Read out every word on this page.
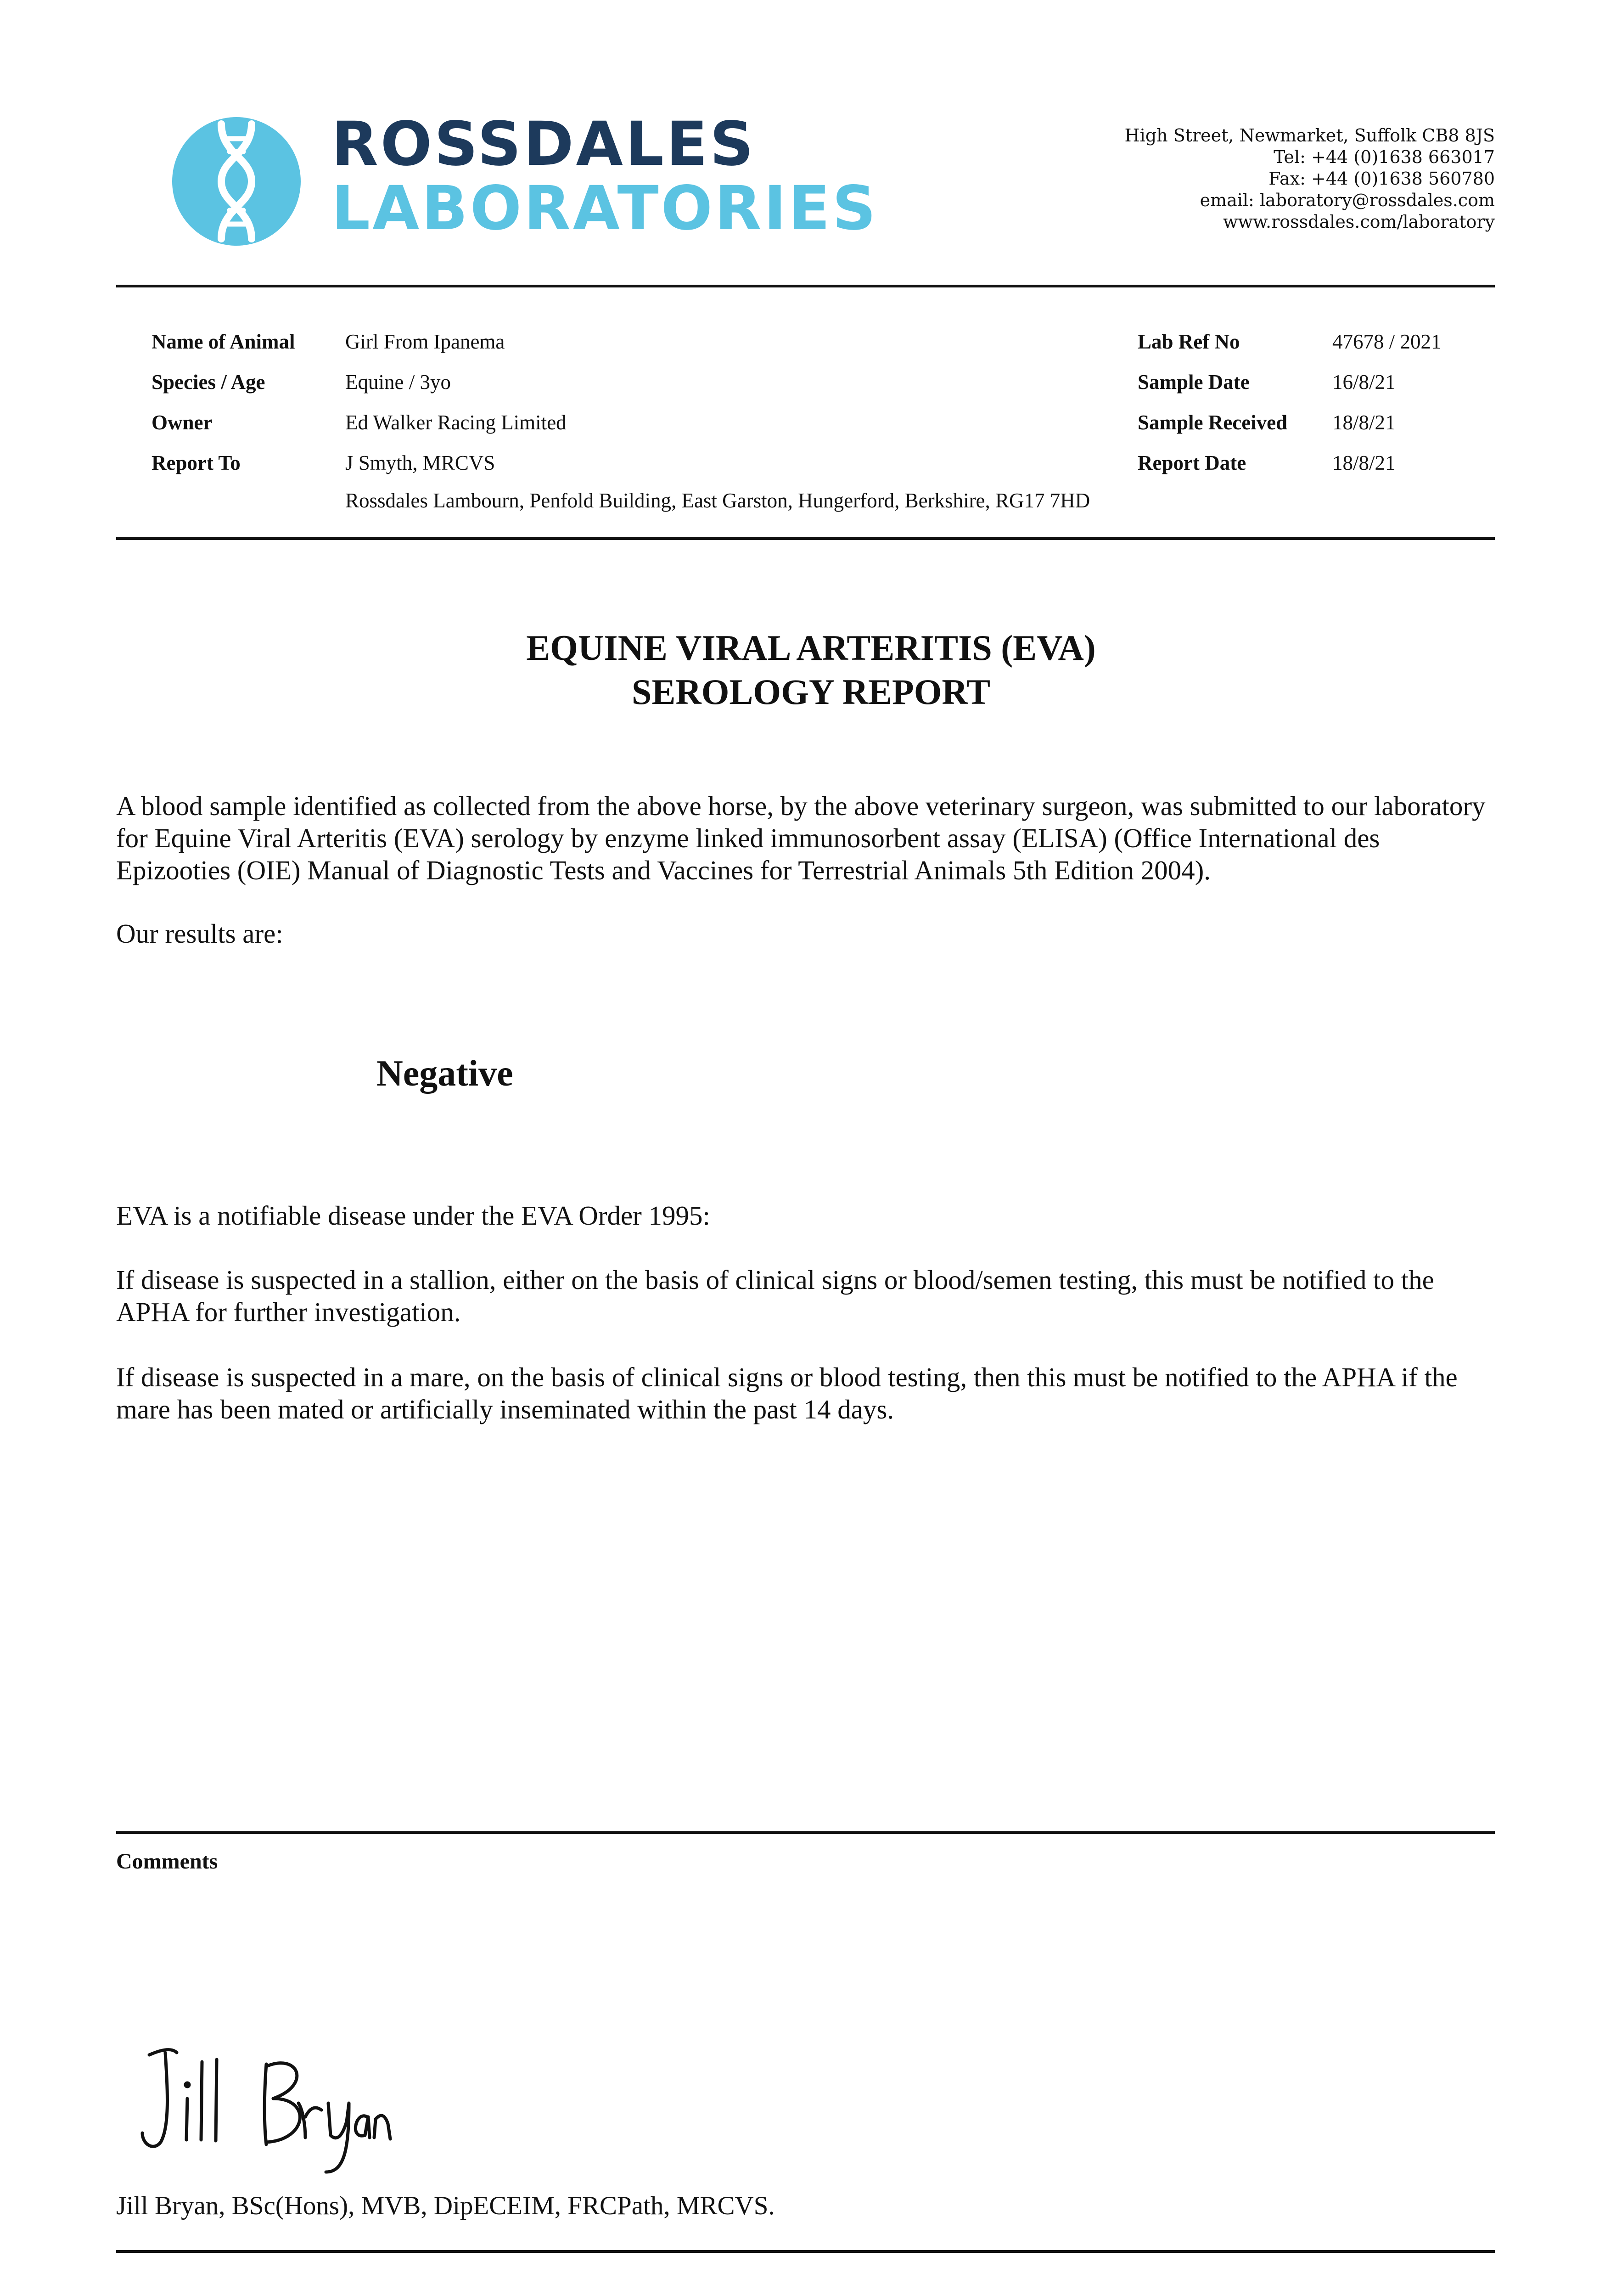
ROSSDALES
LABORATORIES
High Street, Newmarket, Suffolk CB8 8JS
Tel: +44 (0)1638 663017
Fax: +44 (0)1638 560780
email: laboratory@rossdales.com
www.rossdales.com/laboratory
Name of Animal Girl From Ipanema
Species / Age	Equine / 3yo
Owner	Ed Walker Racing Limited
Report To	J Smyth, MRCVS
Rossdales Lambourn, Penfold Building, East Garston, Hungerford, Berkshire, RG17 7HD
Lab Ref No	47678 / 2021
Sample Date	16/8/21
Sample Received 18/8/21
Report Date	18/8/21
EQUINE VIRAL ARTERITIS (EVA)
SEROLOGY REPORT
A blood sample identified as collected from the above horse, by the above veterinary surgeon, was submitted to our laboratory for Equine Viral Arteritis (EVA) serology by enzyme linked immunosorbent assay (ELISA) (Office International des Epizooties (OIE) Manual of Diagnostic Tests and Vaccines for Terrestrial Animals 5th Edition 2004).
Our results are:
Negative
EVA is a notifiable disease under the EVA Order 1995:
If disease is suspected in a stallion, either on the basis of clinical signs or blood/semen testing, this must be notified to the APHA for further investigation.
If disease is suspected in a mare, on the basis of clinical signs or blood testing, then this must be notified to the APHA if the mare has been mated or artificially inseminated within the past 14 days.
Comments
Jill Bryan, BSc(Hons), MVB, DipECEIM, FRCPath, MRCVS.
